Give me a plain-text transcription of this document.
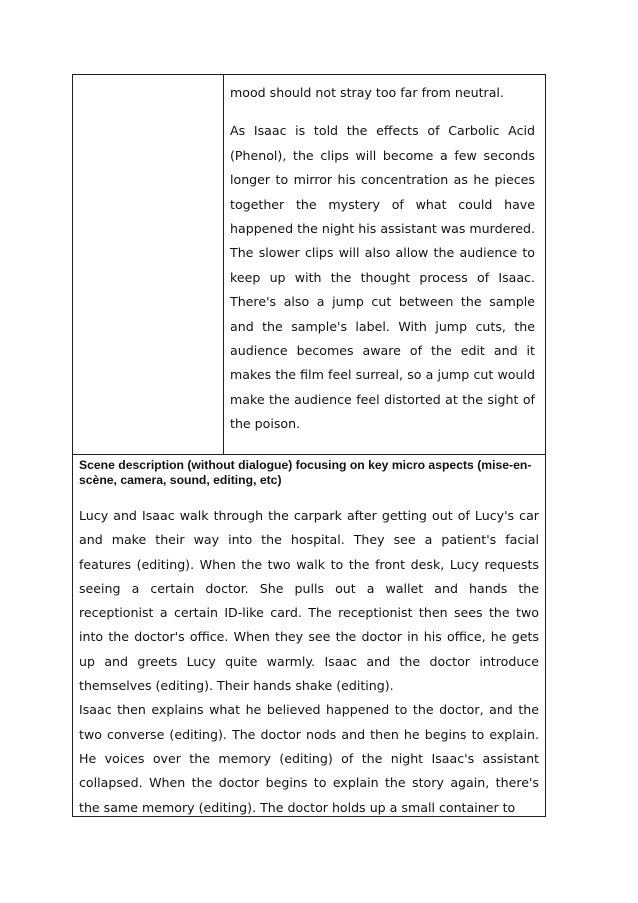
mood should not stray too far from neutral.

As Isaac is told the effects of Carbolic Acid (Phenol), the clips will become a few seconds longer to mirror his concentration as he pieces together the mystery of what could have happened the night his assistant was murdered. The slower clips will also allow the audience to keep up with the thought process of Isaac. There's also a jump cut between the sample and the sample's label. With jump cuts, the audience becomes aware of the edit and it makes the film feel surreal, so a jump cut would make the audience feel distorted at the sight of the poison.

Scene description (without dialogue) focusing on key micro aspects (mise-en-scène, camera, sound, editing, etc)

Lucy and Isaac walk through the carpark after getting out of Lucy's car and make their way into the hospital. They see a patient's facial features (editing). When the two walk to the front desk, Lucy requests seeing a certain doctor. She pulls out a wallet and hands the receptionist a certain ID-like card. The receptionist then sees the two into the doctor's office. When they see the doctor in his office, he gets up and greets Lucy quite warmly. Isaac and the doctor introduce themselves (editing). Their hands shake (editing).

Isaac then explains what he believed happened to the doctor, and the two converse (editing). The doctor nods and then he begins to explain. He voices over the memory (editing) of the night Isaac's assistant collapsed. When the doctor begins to explain the story again, there's the same memory (editing). The doctor holds up a small container to
